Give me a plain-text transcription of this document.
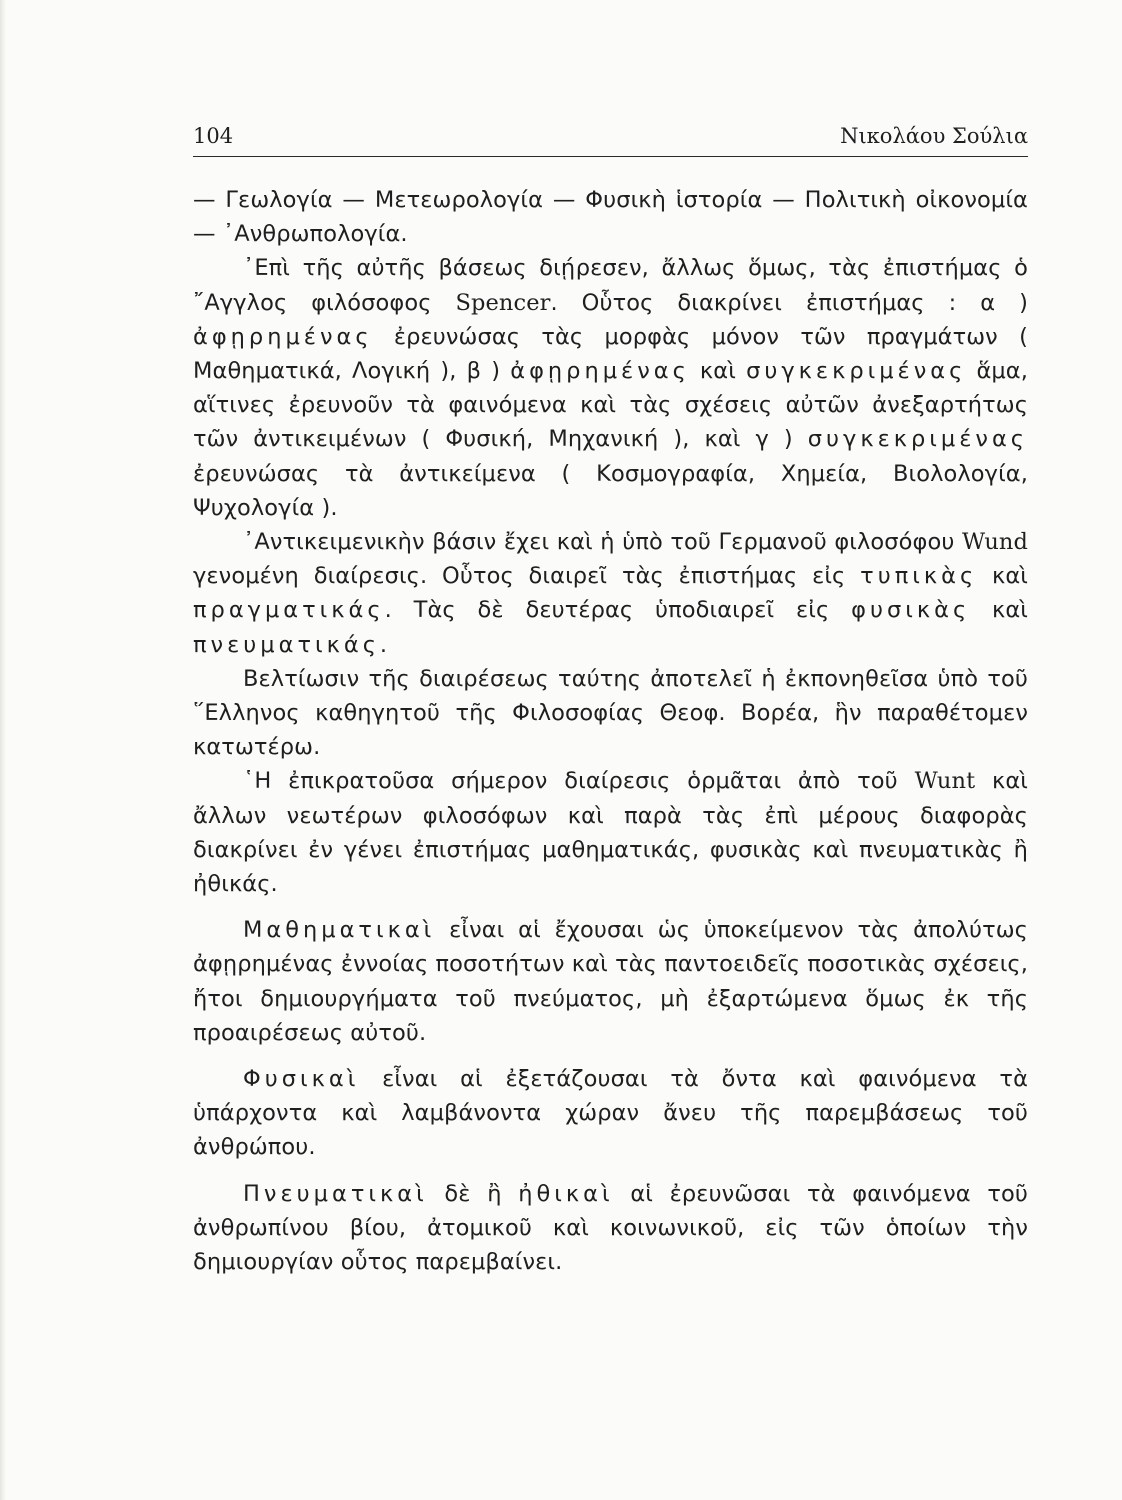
104	Νικολάου Σούλια

— Γεωλογία — Μετεωρολογία — Φυσικὴ ἱστορία — Πολιτικὴ οἰκονομία — ᾿Ανθρωπολογία.

᾿Επὶ τῆς αὐτῆς βάσεως διῄρεσεν, ἄλλως ὅμως, τὰς ἐπιστήμας ὁ ῎Αγγλος φιλόσοφος Spencer. Οὗτος διακρίνει ἐπιστήμας : α ) ἀφῃρημένας ἐρευνώσας τὰς μορφὰς μόνον τῶν πραγμάτων ( Μαθηματικά, Λογική ), β ) ἀφῃρημένας καὶ συγκεκριμένας ἅμα, αἵτινες ἐρευνοῦν τὰ φαινόμενα καὶ τὰς σχέσεις αὐτῶν ἀνεξαρτήτως τῶν ἀντικειμένων ( Φυσική, Μηχανική ), καὶ γ ) συγκεκριμένας ἐρευνώσας τὰ ἀντικείμενα ( Κοσμογραφία, Χημεία, Βιολολογία, Ψυχολογία ).

᾿Αντικειμενικὴν βάσιν ἔχει καὶ ἡ ὑπὸ τοῦ Γερμανοῦ φιλοσόφου Wund γενομένη διαίρεσις. Οὗτος διαιρεῖ τὰς ἐπιστήμας εἰς τυπικὰς καὶ πραγματικάς. Τὰς δὲ δευτέρας ὑποδιαιρεῖ εἰς φυσικὰς καὶ πνευματικάς.

Βελτίωσιν τῆς διαιρέσεως ταύτης ἀποτελεῖ ἡ ἐκπονηθεῖσα ὑπὸ τοῦ ῞Ελληνος καθηγητοῦ τῆς Φιλοσοφίας Θεοφ. Βορέα, ἣν παραθέτομεν κατωτέρω.

῾Η ἐπικρατοῦσα σήμερον διαίρεσις ὁρμᾶται ἀπὸ τοῦ Wunt καὶ ἄλλων νεωτέρων φιλοσόφων καὶ παρὰ τὰς ἐπὶ μέρους διαφορὰς διακρίνει ἐν γένει ἐπιστήμας μαθηματικάς, φυσικὰς καὶ πνευματικὰς ἢ ἠθικάς.

Μαθηματικαὶ εἶναι αἱ ἔχουσαι ὡς ὑποκείμενον τὰς ἀπολύτως ἀφῃρημένας ἐννοίας ποσοτήτων καὶ τὰς παντοειδεῖς ποσοτικὰς σχέσεις, ἤτοι δημιουργήματα τοῦ πνεύματος, μὴ ἐξαρτώμενα ὅμως ἐκ τῆς προαιρέσεως αὐτοῦ.

Φυσικαὶ εἶναι αἱ ἐξετάζουσαι τὰ ὄντα καὶ φαινόμενα τὰ ὑπάρχοντα καὶ λαμβάνοντα χώραν ἄνευ τῆς παρεμβάσεως τοῦ ἀνθρώπου.

Πνευματικαὶ δὲ ἢ ἠθικαὶ αἱ ἐρευνῶσαι τὰ φαινόμενα τοῦ ἀνθρωπίνου βίου, ἀτομικοῦ καὶ κοινωνικοῦ, εἰς τῶν ὁποίων τὴν δημιουργίαν οὗτος παρεμβαίνει.
